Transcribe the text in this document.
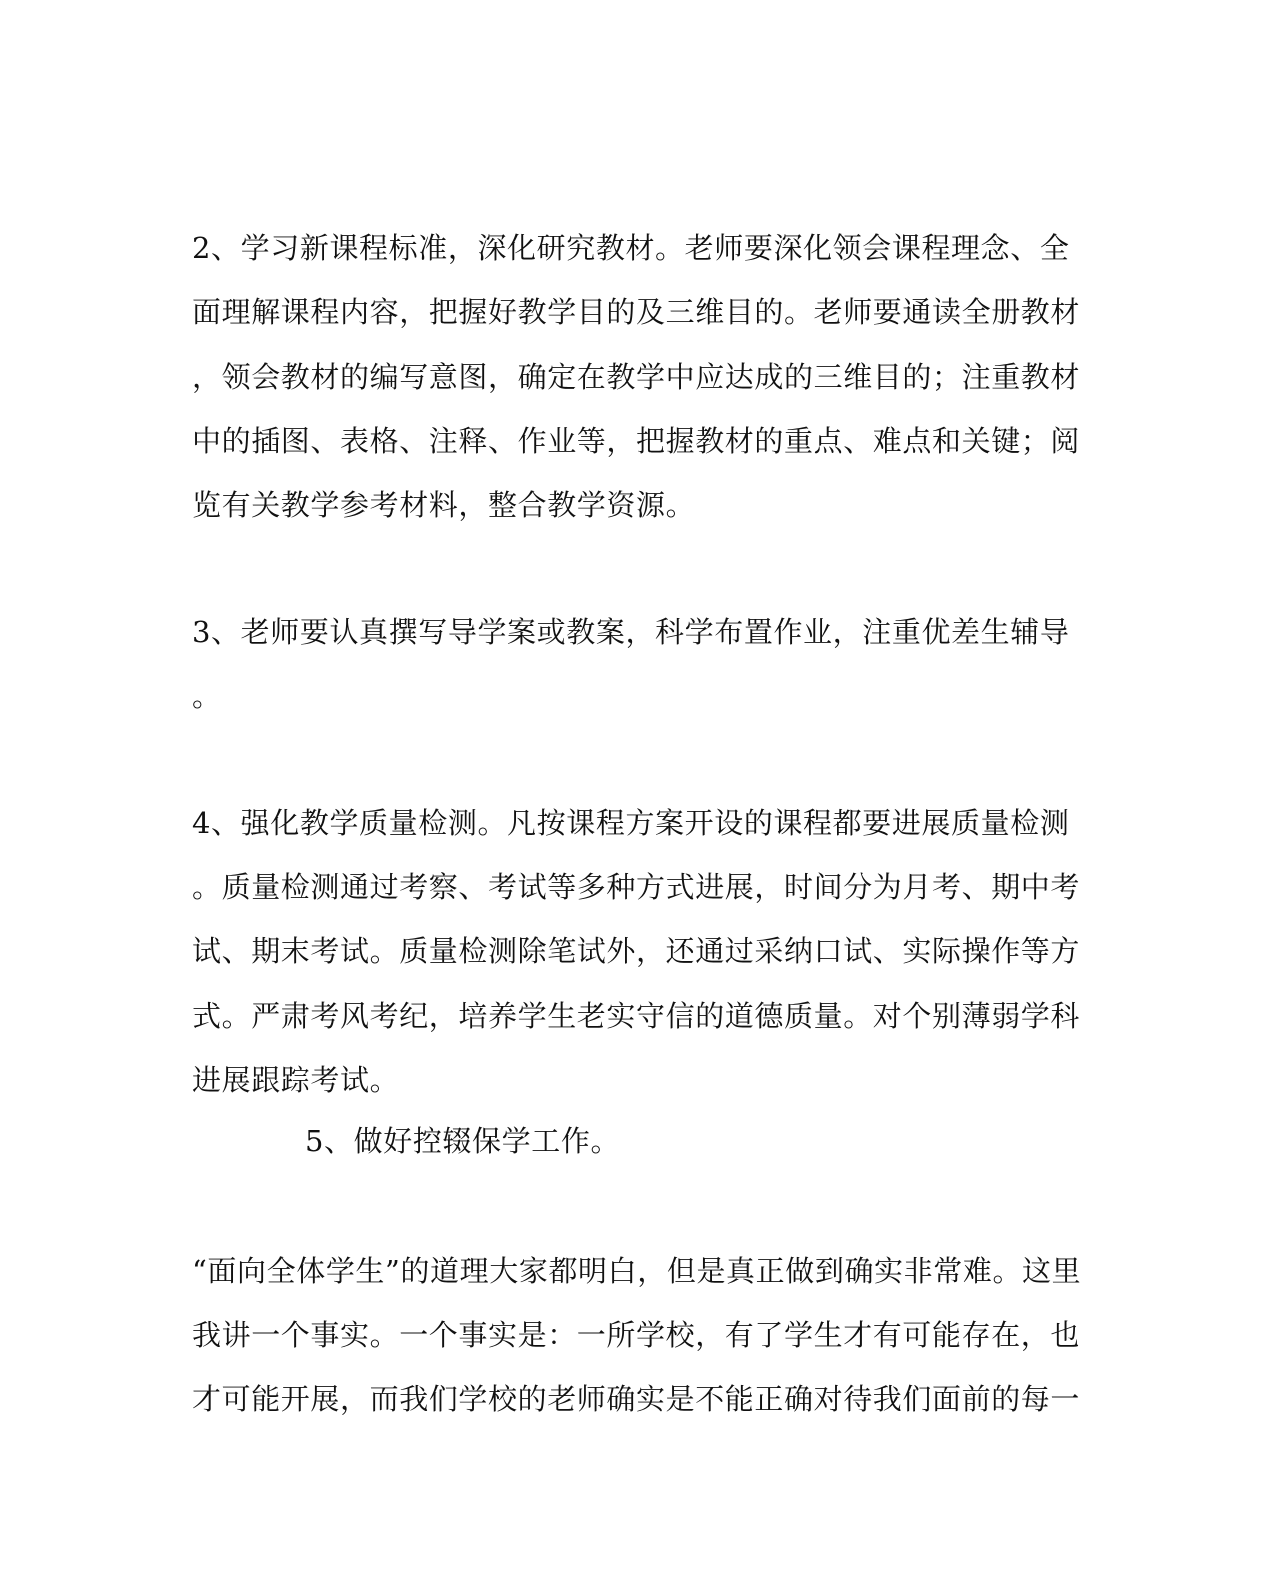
2、学习新课程标准，深化研究教材。老师要深化领会课程理念、全
面理解课程内容，把握好教学目的及三维目的。老师要通读全册教材
，领会教材的编写意图，确定在教学中应达成的三维目的；注重教材
中的插图、表格、注释、作业等，把握教材的重点、难点和关键；阅
览有关教学参考材料，整合教学资源。
3、老师要认真撰写导学案或教案，科学布置作业，注重优差生辅导
。
4、强化教学质量检测。凡按课程方案开设的课程都要进展质量检测
。质量检测通过考察、考试等多种方式进展，时间分为月考、期中考
试、期末考试。质量检测除笔试外，还通过采纳口试、实际操作等方
式。严肃考风考纪，培养学生老实守信的道德质量。对个别薄弱学科
进展跟踪考试。
5、做好控辍保学工作。
“面向全体学生”的道理大家都明白，但是真正做到确实非常难。这里
我讲一个事实。一个事实是：一所学校，有了学生才有可能存在，也
才可能开展，而我们学校的老师确实是不能正确对待我们面前的每一
